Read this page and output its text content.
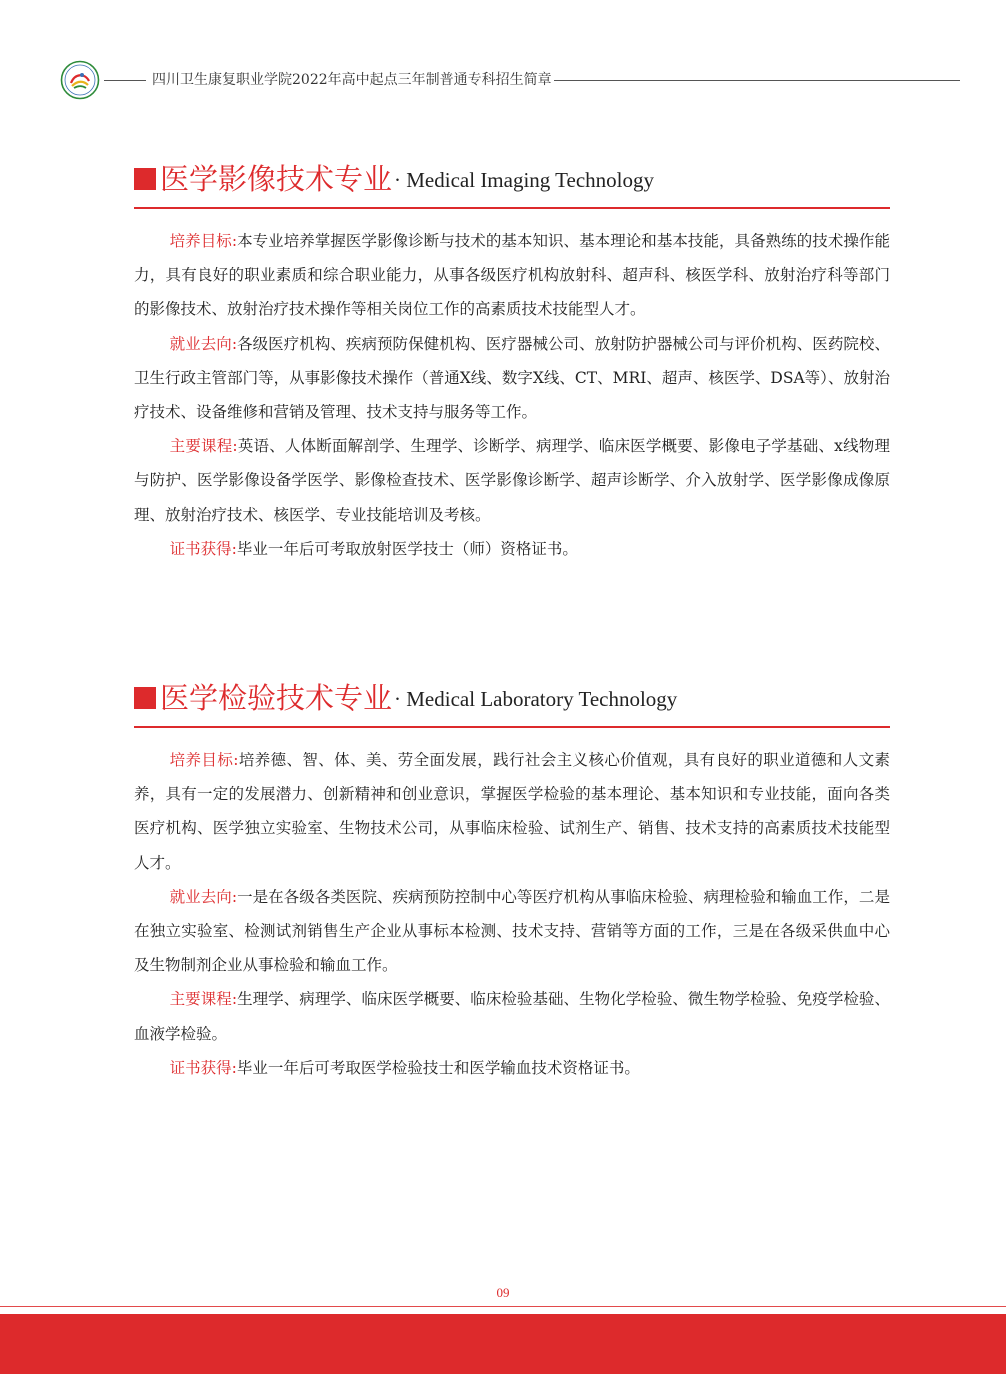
四川卫生康复职业学院2022年高中起点三年制普通专科招生简章
医学影像技术专业 · Medical Imaging Technology

培养目标:本专业培养掌握医学影像诊断与技术的基本知识、基本理论和基本技能，具备熟练的技术操作能力，具有良好的职业素质和综合职业能力，从事各级医疗机构放射科、超声科、核医学科、放射治疗科等部门的影像技术、放射治疗技术操作等相关岗位工作的高素质技术技能型人才。

就业去向:各级医疗机构、疾病预防保健机构、医疗器械公司、放射防护器械公司与评价机构、医药院校、卫生行政主管部门等，从事影像技术操作（普通X线、数字X线、CT、MRI、超声、核医学、DSA等）、放射治疗技术、设备维修和营销及管理、技术支持与服务等工作。

主要课程:英语、人体断面解剖学、生理学、诊断学、病理学、临床医学概要、影像电子学基础、x线物理与防护、医学影像设备学医学、影像检查技术、医学影像诊断学、超声诊断学、介入放射学、医学影像成像原理、放射治疗技术、核医学、专业技能培训及考核。

证书获得:毕业一年后可考取放射医学技士（师）资格证书。

医学检验技术专业 · Medical Laboratory Technology

培养目标:培养德、智、体、美、劳全面发展，践行社会主义核心价值观，具有良好的职业道德和人文素养，具有一定的发展潜力、创新精神和创业意识，掌握医学检验的基本理论、基本知识和专业技能，面向各类医疗机构、医学独立实验室、生物技术公司，从事临床检验、试剂生产、销售、技术支持的高素质技术技能型人才。

就业去向:一是在各级各类医院、疾病预防控制中心等医疗机构从事临床检验、病理检验和输血工作，二是在独立实验室、检测试剂销售生产企业从事标本检测、技术支持、营销等方面的工作，三是在各级采供血中心及生物制剂企业从事检验和输血工作。

主要课程:生理学、病理学、临床医学概要、临床检验基础、生物化学检验、微生物学检验、免疫学检验、血液学检验。

证书获得:毕业一年后可考取医学检验技士和医学输血技术资格证书。

09
